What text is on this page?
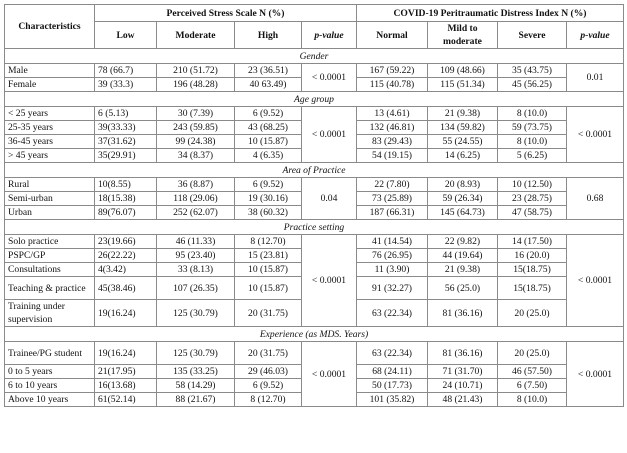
Characteristics	Perceived Stress Scale N (%)				COVID-19 Peritraumatic Distress Index N (%)			
	Low	Moderate	High	p-value	Normal	Mild to moderate	Severe	p-value
Gender								
Male	78 (66.7)	210 (51.72)	23 (36.51)	< 0.0001	167 (59.22)	109 (48.66)	35 (43.75)	0.01
Female	39 (33.3)	196 (48.28)	40 63.49)		115 (40.78)	115 (51.34)	45 (56.25)	
Age group								
< 25 years	6 (5.13)	30 (7.39)	6 (9.52)	< 0.0001	13 (4.61)	21 (9.38)	8 (10.0)	< 0.0001
25-35 years	39(33.33)	243 (59.85)	43 (68.25)		132 (46.81)	134 (59.82)	59 (73.75)	
36-45 years	37(31.62)	99 (24.38)	10 (15.87)		83 (29.43)	55 (24.55)	8 (10.0)	
> 45 years	35(29.91)	34 (8.37)	4 (6.35)		54 (19.15)	14 (6.25)	5 (6.25)	
Area of Practice								
Rural	10(8.55)	36 (8.87)	6 (9.52)	0.04	22 (7.80)	20 (8.93)	10 (12.50)	0.68
Semi-urban	18(15.38)	118 (29.06)	19 (30.16)		73 (25.89)	59 (26.34)	23 (28.75)	
Urban	89(76.07)	252 (62.07)	38 (60.32)		187 (66.31)	145 (64.73)	47 (58.75)	
Practice setting								
Solo practice	23(19.66)	46 (11.33)	8 (12.70)	< 0.0001	41 (14.54)	22 (9.82)	14 (17.50)	< 0.0001
PSPC/GP	26(22.22)	95 (23.40)	15 (23.81)		76 (26.95)	44 (19.64)	16 (20.0)	
Consultations	4(3.42)	33 (8.13)	10 (15.87)		11 (3.90)	21 (9.38)	15(18.75)	
Teaching & practice	45(38.46)	107 (26.35)	10 (15.87)		91 (32.27)	56 (25.0)	15(18.75)	
Training under supervision	19(16.24)	125 (30.79)	20 (31.75)		63 (22.34)	81 (36.16)	20 (25.0)	
Experience (as MDS. Years)								
Trainee/PG student	19(16.24)	125 (30.79)	20 (31.75)	< 0.0001	63 (22.34)	81 (36.16)	20 (25.0)	< 0.0001
0 to 5 years	21(17.95)	135 (33.25)	29 (46.03)		68 (24.11)	71 (31.70)	46 (57.50)	
6 to 10 years	16(13.68)	58 (14.29)	6 (9.52)		50 (17.73)	24 (10.71)	6 (7.50)	
Above 10 years	61(52.14)	88 (21.67)	8 (12.70)		101 (35.82)	48 (21.43)	8 (10.0)	
